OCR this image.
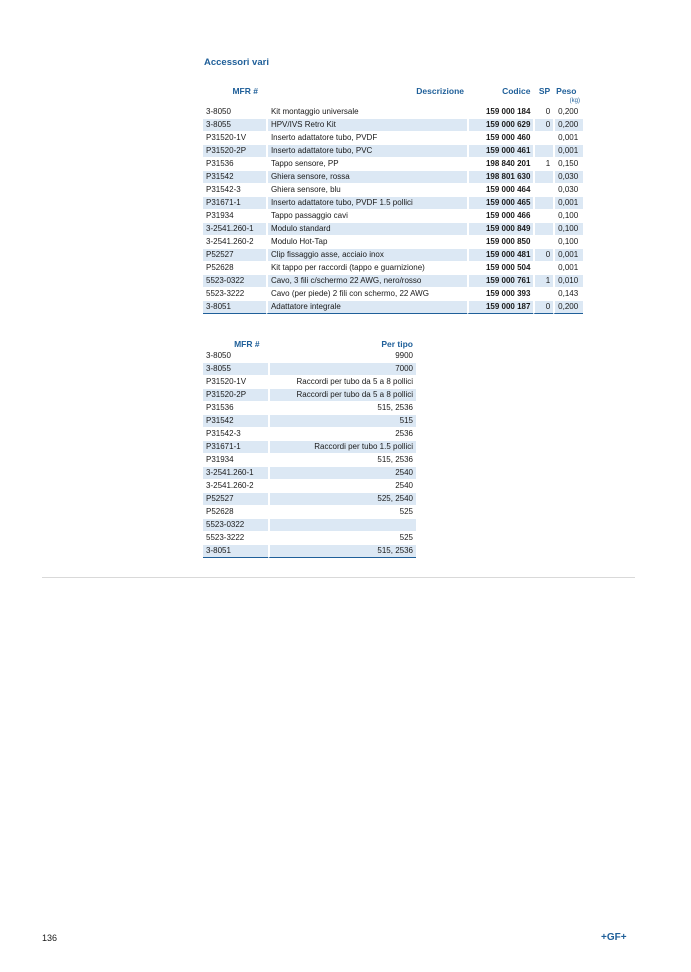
Accessori vari
MFR #	Descrizione	Codice	SP	Peso
				(kg)
3-8050	Kit montaggio universale	159 000 184	0	0,200
3-8055	HPV/IVS Retro Kit	159 000 629	0	0,200
P31520-1V	Inserto adattatore tubo, PVDF	159 000 460		0,001
P31520-2P	Inserto adattatore tubo, PVC	159 000 461		0,001
P31536	Tappo sensore, PP	198 840 201	1	0,150
P31542	Ghiera sensore, rossa	198 801 630		0,030
P31542-3	Ghiera sensore, blu	159 000 464		0,030
P31671-1	Inserto adattatore tubo, PVDF 1.5 pollici	159 000 465		0,001
P31934	Tappo passaggio cavi	159 000 466		0,100
3-2541.260-1	Modulo standard	159 000 849		0,100
3-2541.260-2	Modulo Hot-Tap	159 000 850		0,100
P52527	Clip fissaggio asse, acciaio inox	159 000 481	0	0,001
P52628	Kit tappo per raccordi (tappo e guarnizione)	159 000 504		0,001
5523-0322	Cavo, 3 fili c/schermo 22 AWG, nero/rosso	159 000 761	1	0,010
5523-3222	Cavo (per piede) 2 fili con schermo, 22 AWG	159 000 393		0,143
3-8051	Adattatore integrale	159 000 187	0	0,200
MFR #	Per tipo
3-8050	9900
3-8055	7000
P31520-1V	Raccordi per tubo da 5 a 8 pollici
P31520-2P	Raccordi per tubo da 5 a 8 pollici
P31536	515, 2536
P31542	515
P31542-3	2536
P31671-1	Raccordi per tubo 1.5 pollici
P31934	515, 2536
3-2541.260-1	2540
3-2541.260-2	2540
P52527	525, 2540
P52628	525
5523-0322	
5523-3222	525
3-8051	515, 2536
136	+GF+
